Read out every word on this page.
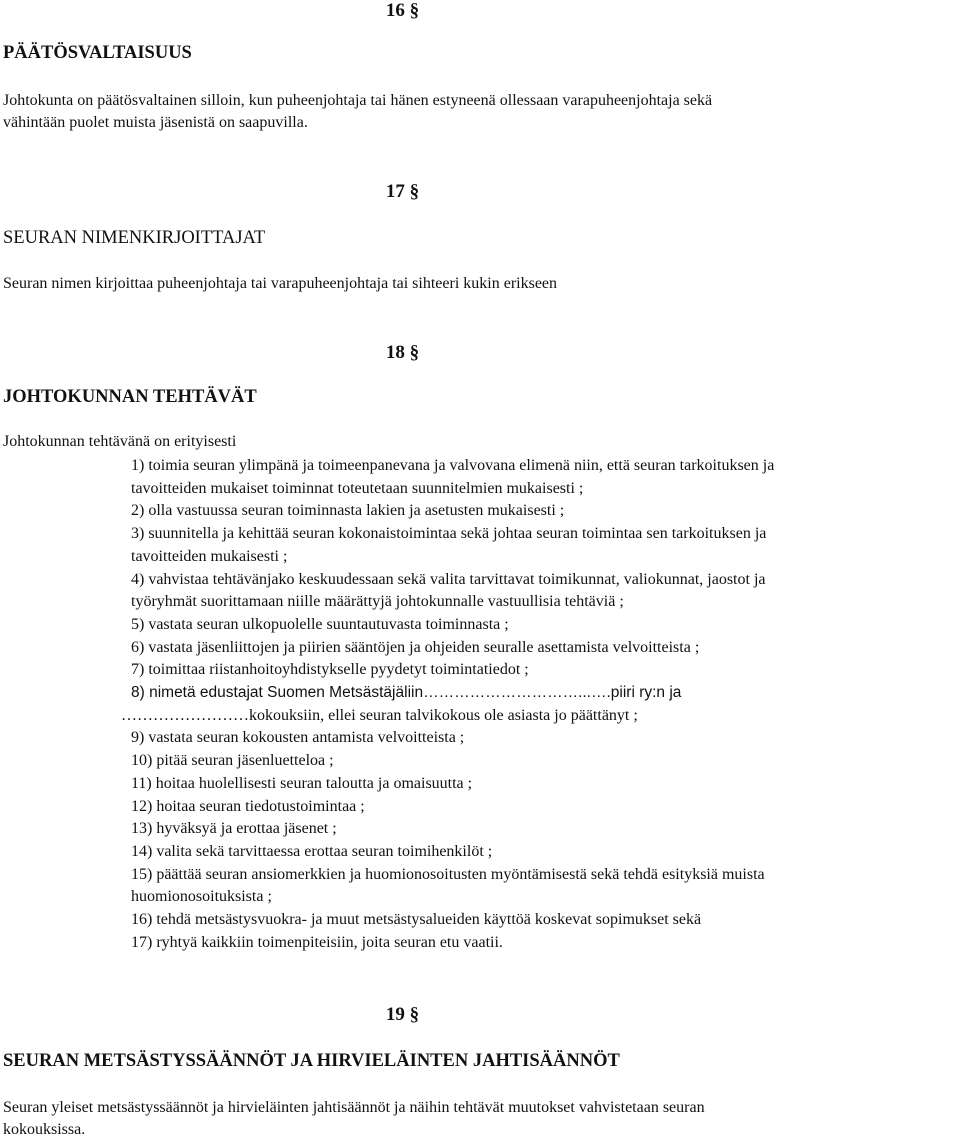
16 §
PÄÄTÖSVALTAISUUS
Johtokunta on päätösvaltainen silloin, kun puheenjohtaja tai hänen estyneenä ollessaan varapuheenjohtaja sekä
vähintään puolet muista jäsenistä on saapuvilla.
17 §
SEURAN NIMENKIRJOITTAJAT
Seuran nimen kirjoittaa puheenjohtaja tai varapuheenjohtaja tai sihteeri kukin erikseen
18 §
JOHTOKUNNAN TEHTÄVÄT
Johtokunnan tehtävänä on erityisesti
1) toimia seuran ylimpänä ja toimeenpanevana ja valvovana elimenä niin, että seuran tarkoituksen ja
tavoitteiden mukaiset toiminnat toteutetaan suunnitelmien mukaisesti ;
2) olla vastuussa seuran toiminnasta lakien ja asetusten mukaisesti ;
3) suunnitella ja kehittää seuran kokonaistoimintaa sekä johtaa seuran toimintaa sen tarkoituksen ja
tavoitteiden mukaisesti ;
4) vahvistaa tehtävänjako keskuudessaan sekä valita tarvittavat toimikunnat, valiokunnat, jaostot ja
työryhmät suorittamaan niille määrättyjä johtokunnalle vastuullisia tehtäviä ;
5) vastata seuran ulkopuolelle suuntautuvasta toiminnasta ;
6) vastata jäsenliittojen ja piirien sääntöjen ja ohjeiden seuralle asettamista velvoitteista ;
7) toimittaa riistanhoitoyhdistykselle pyydetyt toimintatiedot ;
8) nimetä edustajat Suomen Metsästäjäliin…………………………...….piiri ry:n ja
……………………kokouksiin, ellei seuran talvikokous ole asiasta jo päättänyt ;
9) vastata seuran kokousten antamista velvoitteista ;
10) pitää seuran jäsenluetteloa ;
11) hoitaa huolellisesti seuran taloutta ja omaisuutta ;
12) hoitaa seuran tiedotustoimintaa ;
13) hyväksyä ja erottaa jäsenet ;
14) valita sekä tarvittaessa erottaa seuran toimihenkilöt ;
15) päättää seuran ansiomerkkien ja huomionosoitusten myöntämisestä sekä tehdä esityksiä muista
huomionosoituksista ;
16) tehdä metsästysvuokra- ja muut metsästysalueiden käyttöä koskevat sopimukset sekä
17) ryhtyä kaikkiin toimenpiteisiin, joita seuran etu vaatii.
19 §
SEURAN METSÄSTYSSÄÄNNÖT JA HIRVIELÄINTEN JAHTISÄÄNNÖT
Seuran yleiset metsästyssäännöt ja hirvieläinten jahtisäännöt ja näihin tehtävät muutokset vahvistetaan seuran
kokouksissa.
